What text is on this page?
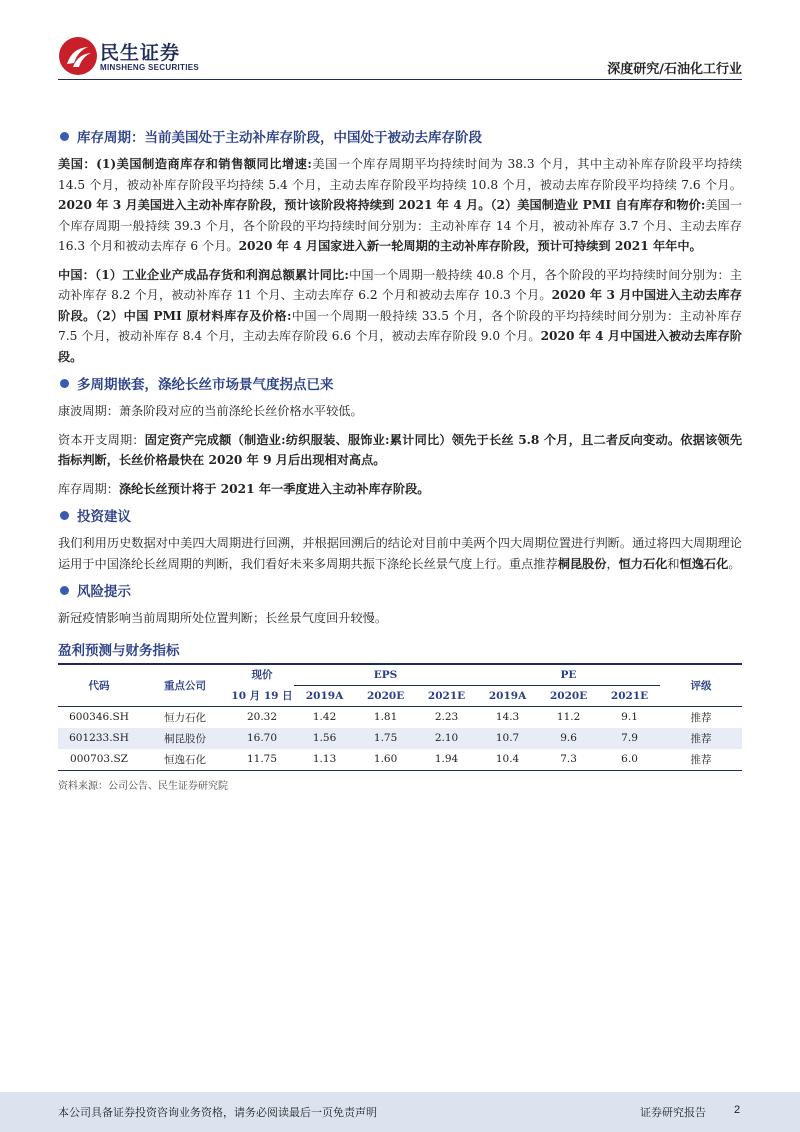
民生证券
MINSHENG SECURITIES	深度研究/石油化工行业
库存周期：当前美国处于主动补库存阶段，中国处于被动去库存阶段

美国：(1)美国制造商库存和销售额同比增速:美国一个库存周期平均持续时间为 38.3 个月，其中主动补库存阶段平均持续 14.5 个月，被动补库存阶段平均持续 5.4 个月，主动去库存阶段平均持续 10.8 个月，被动去库存阶段平均持续 7.6 个月。2020 年 3 月美国进入主动补库存阶段，预计该阶段将持续到 2021 年 4 月。（2）美国制造业 PMI 自有库存和物价:美国一个库存周期一般持续 39.3 个月，各个阶段的平均持续时间分别为：主动补库存 14 个月，被动补库存 3.7 个月、主动去库存 16.3 个月和被动去库存 6 个月。2020 年 4 月国家进入新一轮周期的主动补库存阶段，预计可持续到 2021 年年中。

中国：（1）工业企业产成品存货和利润总额累计同比:中国一个周期一般持续 40.8 个月，各个阶段的平均持续时间分别为：主动补库存 8.2 个月，被动补库存 11 个月、主动去库存 6.2 个月和被动去库存 10.3 个月。2020 年 3 月中国进入主动去库存阶段。（2）中国 PMI 原材料库存及价格:中国一个周期一般持续 33.5 个月，各个阶段的平均持续时间分别为：主动补库存 7.5 个月，被动补库存 8.4 个月，主动去库存阶段 6.6 个月，被动去库存阶段 9.0 个月。2020 年 4 月中国进入被动去库存阶段。

多周期嵌套，涤纶长丝市场景气度拐点已来

康波周期：萧条阶段对应的当前涤纶长丝价格水平较低。

资本开支周期：固定资产完成额（制造业:纺织服装、服饰业:累计同比）领先于长丝 5.8 个月，且二者反向变动。依据该领先指标判断，长丝价格最快在 2020 年 9 月后出现相对高点。

库存周期：涤纶长丝预计将于 2021 年一季度进入主动补库存阶段。

投资建议

我们利用历史数据对中美四大周期进行回溯，并根据回溯后的结论对目前中美两个四大周期位置进行判断。通过将四大周期理论运用于中国涤纶长丝周期的判断，我们看好未来多周期共振下涤纶长丝景气度上行。重点推荐桐昆股份，恒力石化和恒逸石化。

风险提示

新冠疫情影响当前周期所处位置判断；长丝景气度回升较慢。

盈利预测与财务指标
代码	重点公司	现价	EPS			PE			评级
		10 月 19 日	2019A	2020E	2021E	2019A	2020E	2021E	
600346.SH	恒力石化	20.32	1.42	1.81	2.23	14.3	11.2	9.1	推荐
601233.SH	桐昆股份	16.70	1.56	1.75	2.10	10.7	9.6	7.9	推荐
000703.SZ	恒逸石化	11.75	1.13	1.60	1.94	10.4	7.3	6.0	推荐
资料来源：公司公告、民生证券研究院
本公司具备证券投资咨询业务资格，请务必阅读最后一页免责声明	证券研究报告	2
